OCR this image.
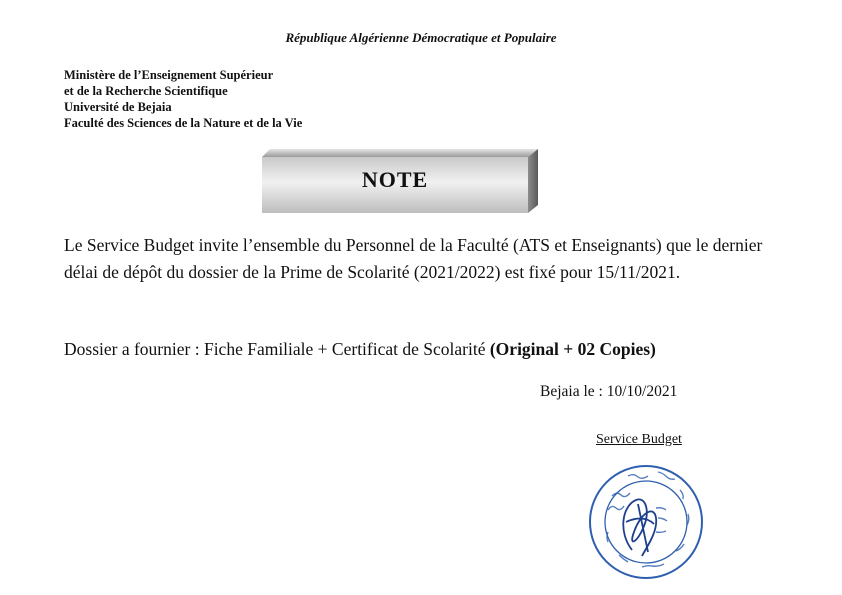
République Algérienne Démocratique et Populaire
Ministère de l’Enseignement Supérieur
et de la Recherche Scientifique
Université de Bejaia
Faculté des Sciences de la Nature et de la Vie
NOTE
Le Service Budget invite l’ensemble du Personnel de la Faculté (ATS et Enseignants) que le dernier délai de dépôt du dossier de la Prime de Scolarité (2021/2022) est fixé pour 15/11/2021.
Dossier a fournier : Fiche Familiale + Certificat de Scolarité (Original + 02 Copies)
Bejaia le : 10/10/2021
Service Budget
